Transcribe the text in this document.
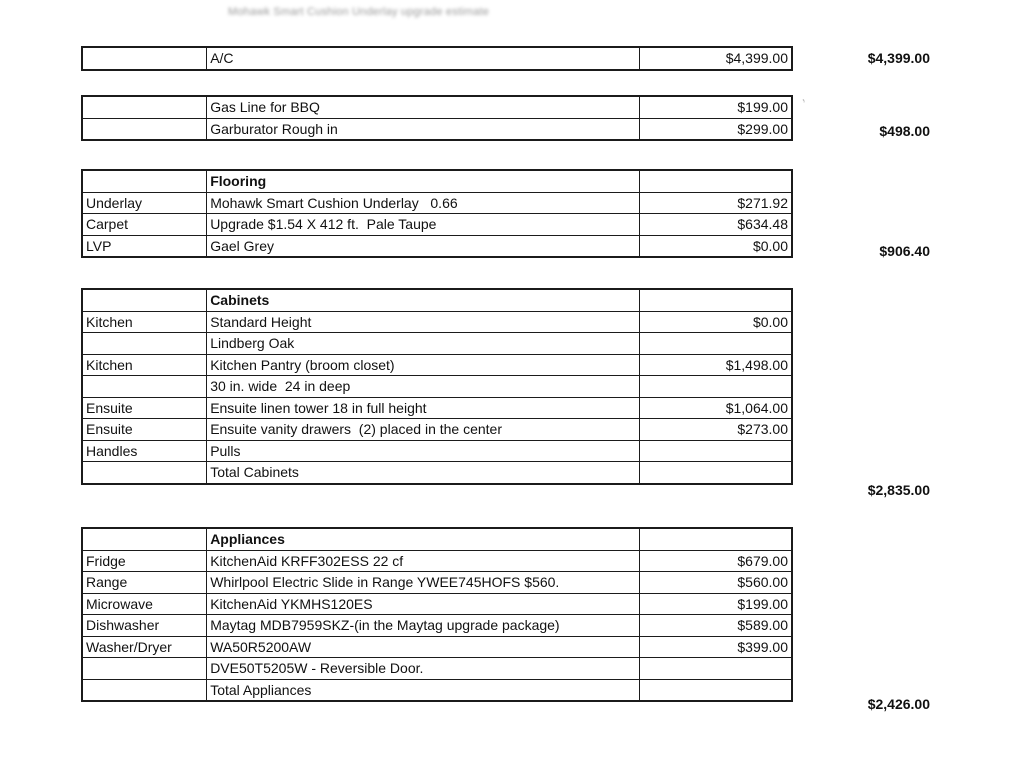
Mohawk Smart Cushion Underlay upgrade estimate
	A/C	$4,399.00	$4,399.00
	Gas Line for BBQ	$199.00
	Garburator Rough in	$299.00
,
$498.00
	Flooring	
Underlay	Mohawk Smart Cushion Underlay   0.66	$271.92
Carpet	Upgrade $1.54 X 412 ft.  Pale Taupe	$634.48
LVP	Gael Grey	$0.00	$906.40
	Cabinets	
Kitchen	Standard Height	$0.00
	Lindberg Oak	
Kitchen	Kitchen Pantry (broom closet)	$1,498.00
	30 in. wide  24 in deep	
Ensuite	Ensuite linen tower 18 in full height	$1,064.00
Ensuite	Ensuite vanity drawers  (2) placed in the center	$273.00
Handles	Pulls	
	Total Cabinets	
$2,835.00
	Appliances	
Fridge	KitchenAid KRFF302ESS 22 cf	$679.00
Range	Whirlpool Electric Slide in Range YWEE745HOFS $560.	$560.00
Microwave	KitchenAid YKMHS120ES	$199.00
Dishwasher	Maytag MDB7959SKZ-(in the Maytag upgrade package)	$589.00
Washer/Dryer	WA50R5200AW	$399.00
	DVE50T5205W - Reversible Door.	
	Total Appliances	
$2,426.00
